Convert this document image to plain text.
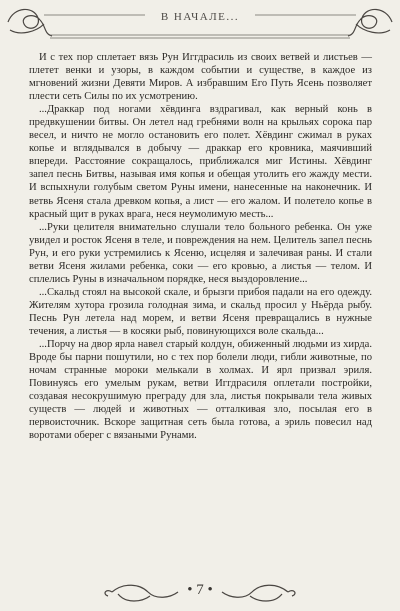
В НАЧАЛЕ...

И с тех пор сплетает вязь Рун Иггдрасиль из своих ветвей и листьев — плетет венки и узоры, в каждом событии и существе, в каждое из мгновений жизни Девяти Миров. А избравшим Его Путь Ясень позволяет плести сеть Силы по их усмотрению.

...Драккар под ногами хёвдинга вздрагивал, как верный конь в предвкушении битвы. Он летел над гребнями волн на крыльях сорока пар весел, и ничто не могло остановить его полет. Хёвдинг сжимал в руках копье и вглядывался в добычу — драккар его кровника, маячивший впереди. Расстояние сокращалось, приближался миг Истины. Хёвдинг запел песнь Битвы, называя имя копья и обещая утолить его жажду мести. И вспыхнули голубым светом Руны имени, нанесенные на наконечник. И ветвь Ясеня стала древком копья, а лист — его жалом. И полетело копье в красный щит в руках врага, неся неумолимую месть...

...Руки целителя внимательно слушали тело больного ребенка. Он уже увидел и росток Ясеня в теле, и повреждения на нем. Целитель запел песнь Рун, и его руки устремились к Ясеню, исцеляя и залечивая раны. И стали ветви Ясеня жилами ребенка, соки — его кровью, а листья — телом. И сплелись Руны в изначальном порядке, неся выздоровление...

...Скальд стоял на высокой скале, и брызги прибоя падали на его одежду. Жителям хутора грозила голодная зима, и скальд просил у Ньёрда рыбу. Песнь Рун летела над морем, и ветви Ясеня превращались в нужные течения, а листья — в косяки рыб, повинующихся воле скальда...

...Порчу на двор ярла навел старый колдун, обиженный людьми из хирда. Вроде бы парни пошутили, но с тех пор болели люди, гибли животные, по ночам странные мороки мелькали в холмах. И ярл призвал эриля. Повинуясь его умелым рукам, ветви Иггдрасиля оплетали постройки, создавая несокрушимую преграду для зла, листья покрывали тела живых существ — людей и животных — отталкивая зло, посылая его в первоисточник. Вскоре защитная сеть была готова, а эриль повесил над воротами оберег с вязаными Рунами.

• 7 •
